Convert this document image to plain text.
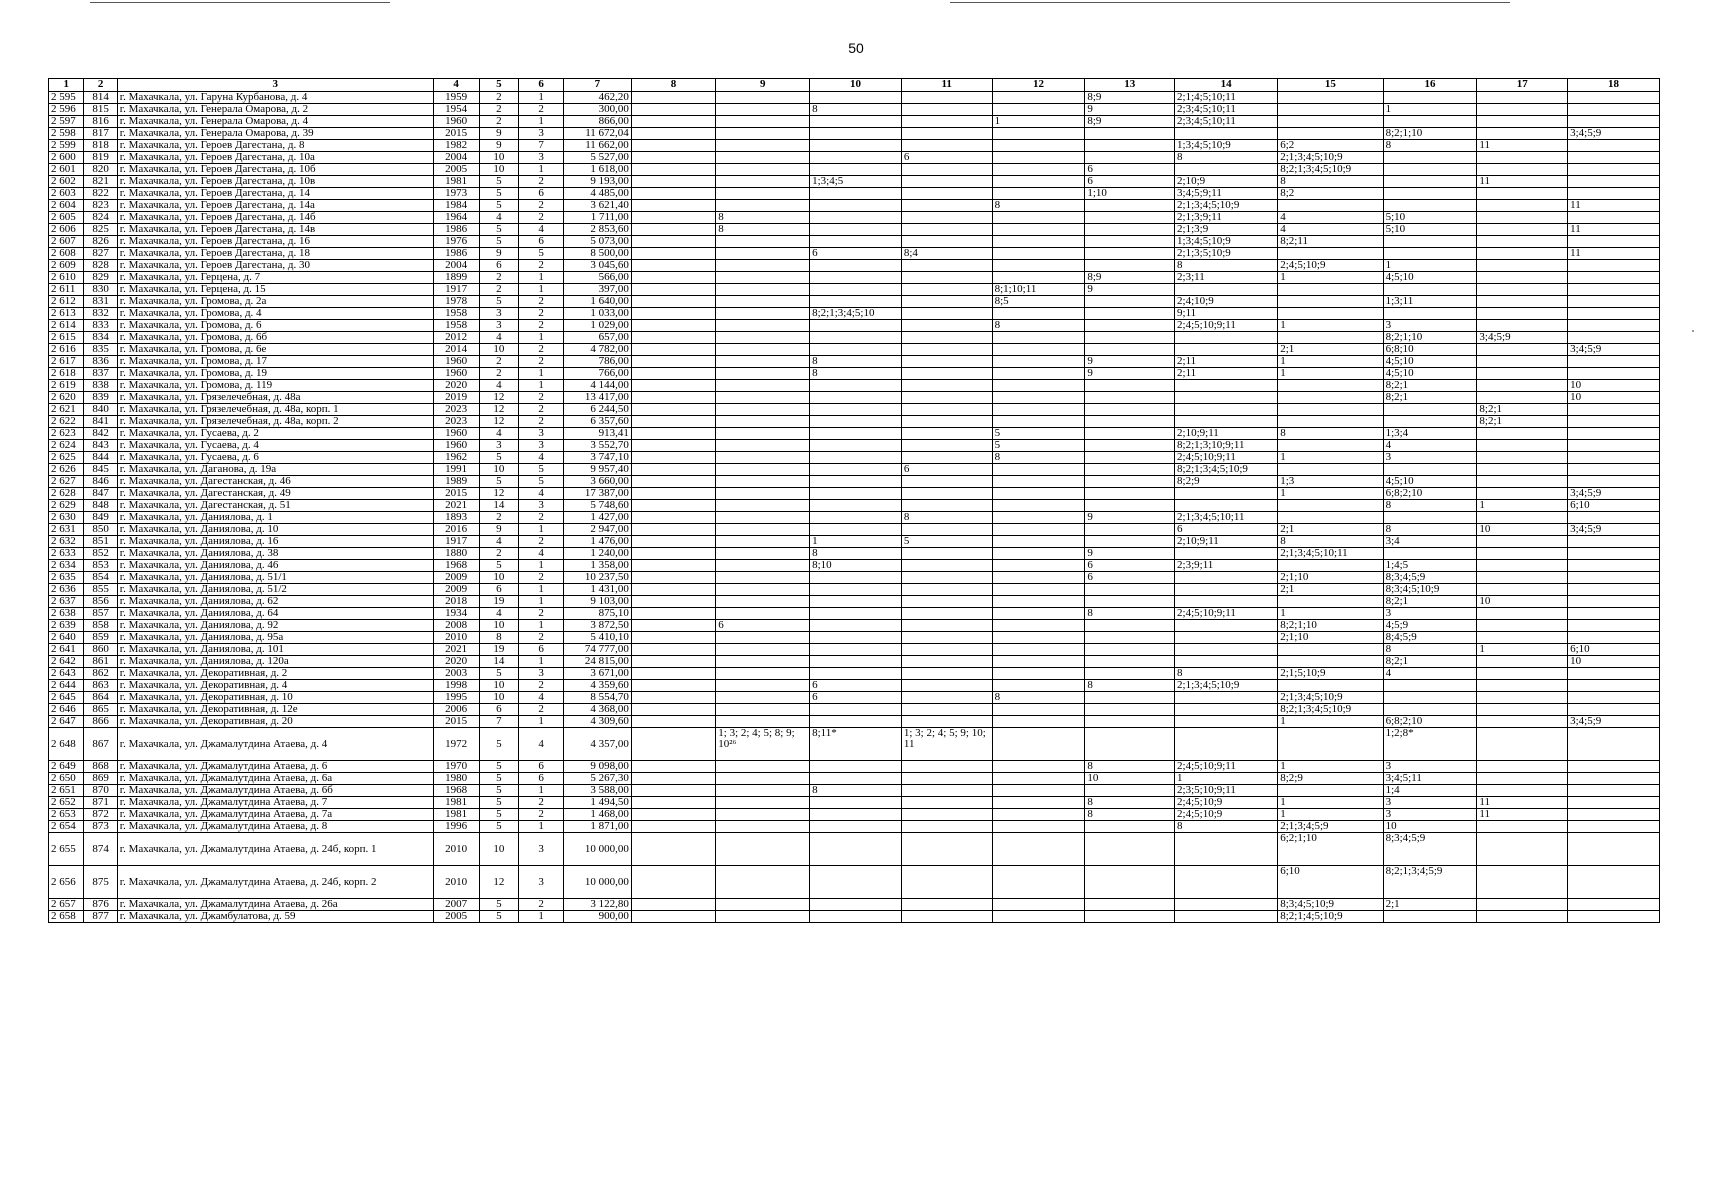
50
1	2	3	4	5	6	7	8	9	10	11	12	13	14	15	16	17	18
2 595	814	г. Махачкала, ул. Гаруна Курбанова, д. 4	1959	2	1	462,20						8;9	2;1;4;5;10;11				
2 596	815	г. Махачкала, ул. Генерала Омарова, д. 2	1954	2	2	300,00			8			9	2;3;4;5;10;11		1		
2 597	816	г. Махачкала, ул. Генерала Омарова, д. 4	1960	2	1	866,00					1	8;9	2;3;4;5;10;11				
2 598	817	г. Махачкала, ул. Генерала Омарова, д. 39	2015	9	3	11 672,04									8;2;1;10		3;4;5;9
2 599	818	г. Махачкала, ул. Героев Дагестана, д. 8	1982	9	7	11 662,00							1;3;4;5;10;9	6;2	8	11	
2 600	819	г. Махачкала, ул. Героев Дагестана, д. 10а	2004	10	3	5 527,00				6			8	2;1;3;4;5;10;9			
2 601	820	г. Махачкала, ул. Героев Дагестана, д. 10б	2005	10	1	1 618,00						6		8;2;1;3;4;5;10;9			
2 602	821	г. Махачкала, ул. Героев Дагестана, д. 10в	1981	5	2	9 193,00			1;3;4;5			6	2;10;9	8		11	
2 603	822	г. Махачкала, ул. Героев Дагестана, д. 14	1973	5	6	4 485,00						1;10	3;4;5;9;11	8;2			
2 604	823	г. Махачкала, ул. Героев Дагестана, д. 14а	1984	5	2	3 621,40					8		2;1;3;4;5;10;9				11
2 605	824	г. Махачкала, ул. Героев Дагестана, д. 14б	1964	4	2	1 711,00		8					2;1;3;9;11	4	5;10		
2 606	825	г. Махачкала, ул. Героев Дагестана, д. 14в	1986	5	4	2 853,60		8					2;1;3;9	4	5;10		11
2 607	826	г. Махачкала, ул. Героев Дагестана, д. 16	1976	5	6	5 073,00							1;3;4;5;10;9	8;2;11			
2 608	827	г. Махачкала, ул. Героев Дагестана, д. 18	1986	9	5	8 500,00			6	8;4			2;1;3;5;10;9				11
2 609	828	г. Махачкала, ул. Героев Дагестана, д. 30	2004	6	2	3 045,60							8	2;4;5;10;9	1		
2 610	829	г. Махачкала, ул. Герцена, д. 7	1899	2	1	566,00						8;9	2;3;11	1	4;5;10		
2 611	830	г. Махачкала, ул. Герцена, д. 15	1917	2	1	397,00					8;1;10;11	9					
2 612	831	г. Махачкала, ул. Громова, д. 2а	1978	5	2	1 640,00					8;5		2;4;10;9		1;3;11		
2 613	832	г. Махачкала, ул. Громова, д. 4	1958	3	2	1 033,00			8;2;1;3;4;5;10				9;11				
2 614	833	г. Махачкала, ул. Громова, д. 6	1958	3	2	1 029,00					8		2;4;5;10;9;11	1	3		
2 615	834	г. Махачкала, ул. Громова, д. 6б	2012	4	1	657,00									8;2;1;10	3;4;5;9	
2 616	835	г. Махачкала, ул. Громова, д. 6е	2014	10	2	4 782,00								2;1	6;8;10		3;4;5;9
2 617	836	г. Махачкала, ул. Громова, д. 17	1960	2	2	786,00			8			9	2;11	1	4;5;10		
2 618	837	г. Махачкала, ул. Громова, д. 19	1960	2	1	766,00			8			9	2;11	1	4;5;10		
2 619	838	г. Махачкала, ул. Громова, д. 119	2020	4	1	4 144,00									8;2;1		10
2 620	839	г. Махачкала, ул. Грязелечебная, д. 48а	2019	12	2	13 417,00									8;2;1		10
2 621	840	г. Махачкала, ул. Грязелечебная, д. 48а, корп. 1	2023	12	2	6 244,50										8;2;1	
2 622	841	г. Махачкала, ул. Грязелечебная, д. 48а, корп. 2	2023	12	2	6 357,60										8;2;1	
2 623	842	г. Махачкала, ул. Гусаева, д. 2	1960	4	3	913,41					5		2;10;9;11	8	1;3;4		
2 624	843	г. Махачкала, ул. Гусаева, д. 4	1960	3	3	3 552,70					5		8;2;1;3;10;9;11		4		
2 625	844	г. Махачкала, ул. Гусаева, д. 6	1962	5	4	3 747,10					8		2;4;5;10;9;11	1	3		
2 626	845	г. Махачкала, ул. Даганова, д. 19а	1991	10	5	9 957,40				6			8;2;1;3;4;5;10;9				
2 627	846	г. Махачкала, ул. Дагестанская, д. 46	1989	5	5	3 660,00							8;2;9	1;3	4;5;10		
2 628	847	г. Махачкала, ул. Дагестанская, д. 49	2015	12	4	17 387,00								1	6;8;2;10		3;4;5;9
2 629	848	г. Махачкала, ул. Дагестанская, д. 51	2021	14	3	5 748,60									8	1	6;10
2 630	849	г. Махачкала, ул. Даниялова, д. 1	1893	2	2	1 427,00				8		9	2;1;3;4;5;10;11				
2 631	850	г. Махачкала, ул. Даниялова, д. 10	2016	9	1	2 947,00							6	2;1	8	10	3;4;5;9
2 632	851	г. Махачкала, ул. Даниялова, д. 16	1917	4	2	1 476,00			1	5			2;10;9;11	8	3;4		
2 633	852	г. Махачкала, ул. Даниялова, д. 38	1880	2	4	1 240,00			8			9		2;1;3;4;5;10;11			
2 634	853	г. Махачкала, ул. Даниялова, д. 46	1968	5	1	1 358,00			8;10			6	2;3;9;11		1;4;5		
2 635	854	г. Махачкала, ул. Даниялова, д. 51/1	2009	10	2	10 237,50						6		2;1;10	8;3;4;5;9		
2 636	855	г. Махачкала, ул. Даниялова, д. 51/2	2009	6	1	1 431,00								2;1	8;3;4;5;10;9		
2 637	856	г. Махачкала, ул. Даниялова, д. 62	2018	19	1	9 103,00									8;2;1	10	
2 638	857	г. Махачкала, ул. Даниялова, д. 64	1934	4	2	875,10						8	2;4;5;10;9;11	1	3		
2 639	858	г. Махачкала, ул. Даниялова, д. 92	2008	10	1	3 872,50		6						8;2;1;10	4;5;9		
2 640	859	г. Махачкала, ул. Даниялова, д. 95а	2010	8	2	5 410,10								2;1;10	8;4;5;9		
2 641	860	г. Махачкала, ул. Даниялова, д. 101	2021	19	6	74 777,00									8	1	6;10
2 642	861	г. Махачкала, ул. Даниялова, д. 120а	2020	14	1	24 815,00									8;2;1		10
2 643	862	г. Махачкала, ул. Декоративная, д. 2	2003	5	3	3 671,00							8	2;1;5;10;9	4		
2 644	863	г. Махачкала, ул. Декоративная, д. 4	1998	10	2	4 359,60			6			8	2;1;3;4;5;10;9				
2 645	864	г. Махачкала, ул. Декоративная, д. 10	1995	10	4	8 554,70			6		8			2;1;3;4;5;10;9			
2 646	865	г. Махачкала, ул. Декоративная, д. 12е	2006	6	2	4 368,00								8;2;1;3;4;5;10;9			
2 647	866	г. Махачкала, ул. Декоративная, д. 20	2015	7	1	4 309,60								1	6;8;2;10		3;4;5;9
2 648	867	г. Махачкала, ул. Джамалутдина Атаева, д. 4	1972	5	4	4 357,00		1; 3; 2; 4; 5; 8; 9; 10²⁶	8;11*	1; 3; 2; 4; 5; 9; 10; 11					1;2;8*		
2 649	868	г. Махачкала, ул. Джамалутдина Атаева, д. 6	1970	5	6	9 098,00						8	2;4;5;10;9;11	1	3		
2 650	869	г. Махачкала, ул. Джамалутдина Атаева, д. 6а	1980	5	6	5 267,30						10	1	8;2;9	3;4;5;11		
2 651	870	г. Махачкала, ул. Джамалутдина Атаева, д. 6б	1968	5	1	3 588,00			8				2;3;5;10;9;11		1;4		
2 652	871	г. Махачкала, ул. Джамалутдина Атаева, д. 7	1981	5	2	1 494,50						8	2;4;5;10;9	1	3	11	
2 653	872	г. Махачкала, ул. Джамалутдина Атаева, д. 7а	1981	5	2	1 468,00						8	2;4;5;10;9	1	3	11	
2 654	873	г. Махачкала, ул. Джамалутдина Атаева, д. 8	1996	5	1	1 871,00							8	2;1;3;4;5;9	10		
2 655	874	г. Махачкала, ул. Джамалутдина Атаева, д. 24б, корп. 1	2010	10	3	10 000,00								6;2;1;10	8;3;4;5;9		
2 656	875	г. Махачкала, ул. Джамалутдина Атаева, д. 24б, корп. 2	2010	12	3	10 000,00								6;10	8;2;1;3;4;5;9		
2 657	876	г. Махачкала, ул. Джамалутдина Атаева, д. 26а	2007	5	2	3 122,80								8;3;4;5;10;9	2;1		
2 658	877	г. Махачкала, ул. Джамбулатова, д. 59	2005	5	1	900,00								8;2;1;4;5;10;9			
